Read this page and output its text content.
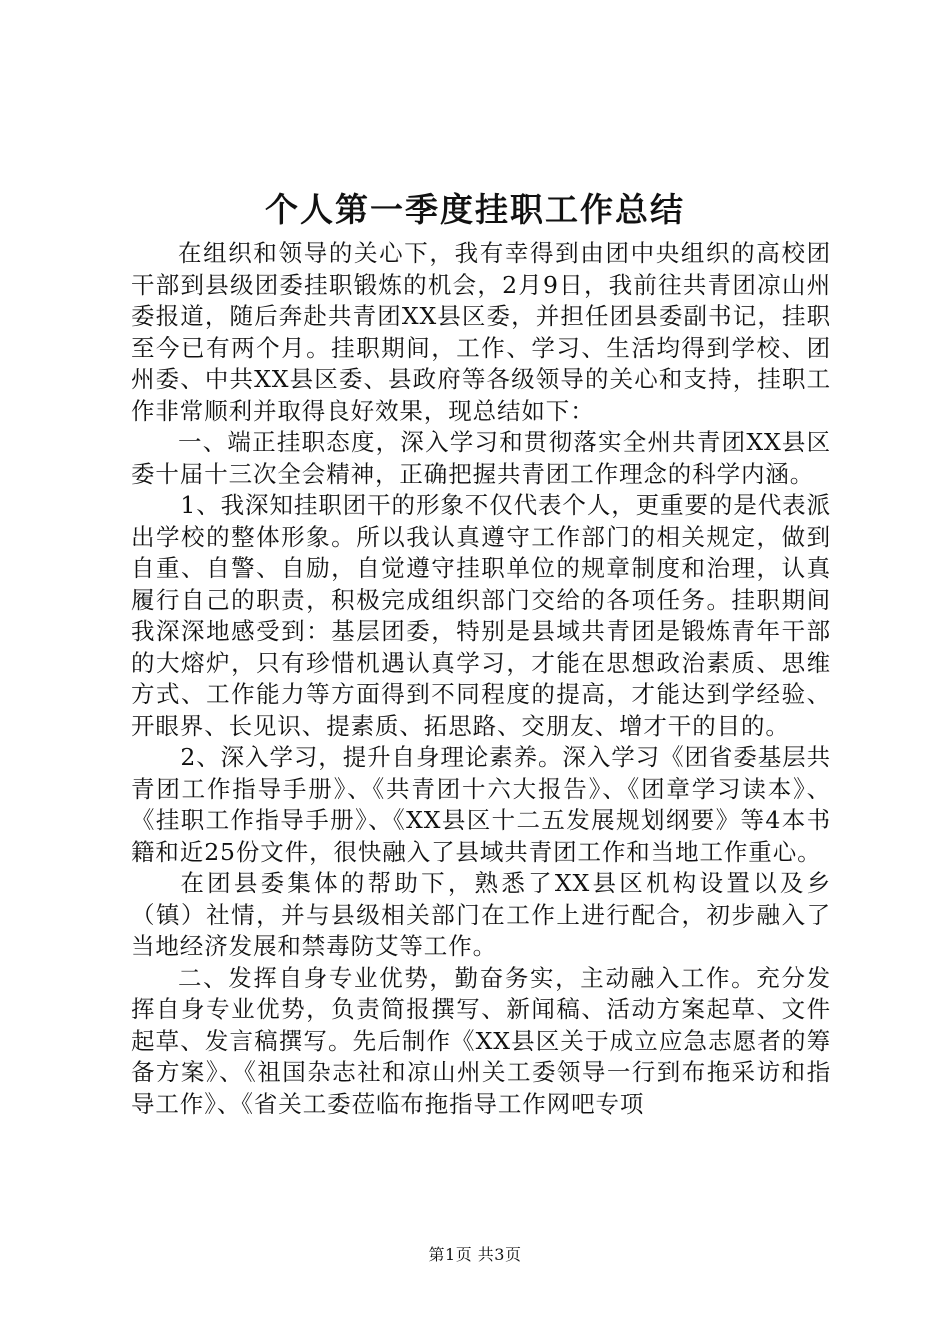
个人第一季度挂职工作总结

在组织和领导的关心下，我有幸得到由团中央组织的高校团干部到县级团委挂职锻炼的机会，2月9日，我前往共青团凉山州委报道，随后奔赴共青团XX县区委，并担任团县委副书记，挂职至今已有两个月。挂职期间，工作、学习、生活均得到学校、团州委、中共XX县区委、县政府等各级领导的关心和支持，挂职工作非常顺利并取得良好效果，现总结如下：

一、端正挂职态度，深入学习和贯彻落实全州共青团XX县区委十届十三次全会精神，正确把握共青团工作理念的科学内涵。

1、我深知挂职团干的形象不仅代表个人，更重要的是代表派出学校的整体形象。所以我认真遵守工作部门的相关规定，做到自重、自警、自励，自觉遵守挂职单位的规章制度和治理，认真履行自己的职责，积极完成组织部门交给的各项任务。挂职期间我深深地感受到：基层团委，特别是县域共青团是锻炼青年干部的大熔炉，只有珍惜机遇认真学习，才能在思想政治素质、思维方式、工作能力等方面得到不同程度的提高，才能达到学经验、开眼界、长见识、提素质、拓思路、交朋友、增才干的目的。

2、深入学习，提升自身理论素养。深入学习《团省委基层共青团工作指导手册》、《共青团十六大报告》、《团章学习读本》、《挂职工作指导手册》、《XX县区十二五发展规划纲要》等4本书籍和近25份文件，很快融入了县域共青团工作和当地工作重心。

在团县委集体的帮助下，熟悉了XX县区机构设置以及乡（镇）社情，并与县级相关部门在工作上进行配合，初步融入了当地经济发展和禁毒防艾等工作。

二、发挥自身专业优势，勤奋务实，主动融入工作。充分发挥自身专业优势，负责简报撰写、新闻稿、活动方案起草、文件起草、发言稿撰写。先后制作《XX县区关于成立应急志愿者的筹备方案》、《祖国杂志社和凉山州关工委领导一行到布拖采访和指导工作》、《省关工委莅临布拖指导工作网吧专项

第1页 共3页
